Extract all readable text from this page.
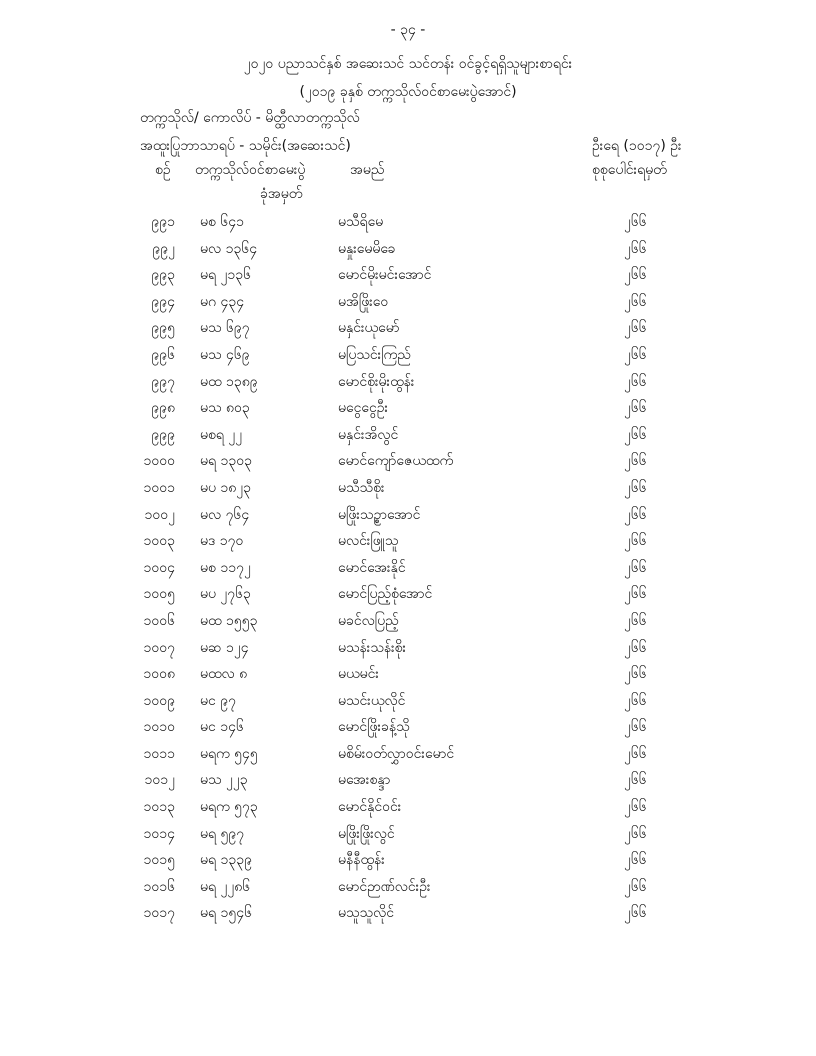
- ၃၄ -
၂၀၂၀ ပညာသင်နှစ် အဆေးသင် သင်တန်း ဝင်ခွင့်ရရှိသူများစာရင်း
(၂၀၁၉ ခုနှစ် တက္ကသိုလ်ဝင်စာမေးပွဲအောင်)
တက္ကသိုလ်/ ကောလိပ် - မိတ္ထီလာတက္ကသိုလ်
အထူးပြုဘာသာရပ် - သမိုင်း(အဆေးသင်)	ဦးရေ (၁၀၁၇) ဦး
စဉ် တက္ကသိုလ်ဝင်စာမေးပွဲ
ခုံအမှတ်
အမည်	စုစုပေါင်းရမှတ်
၉၉၁ မစ ၆၄၁	မသီရိမေ	၂၆၆
၉၉၂ မလ ၁၃၆၄	မနှုးမေမိခေ	၂၆၆
၉၉၃ မရ ၂၁၃၆	မောင်မိုးမင်းအောင်	၂၆၆
၉၉၄ မဂ ၄၃၄	မအိဖြိုးဝေ	၂၆၆
၉၉၅ မသ ၆၉၇	မနှင်းယုမော်	၂၆၆
၉၉၆ မသ ၄၆၉	မပြသင်းကြည်	၂၆၆
၉၉၇ မထ ၁၃၈၉	မောင်စိုးမိုးထွန်း	၂၆၆
၉၉၈ မသ ၈၀၃	မငွေငွေဦး	၂၆၆
၉၉၉ မစရ ၂၂	မနှင်းအိလွင်	၂၆၆
၁၀၀၀ မရ ၁၃၀၃	မောင်ကျော်ဇေယထက်	၂၆၆
၁၀၀၁ မပ ၁၈၂၃	မသီသီစိုး	၂၆၆
၁၀၀၂ မလ ၇၆၄	မဖြိုးသဉ္စာအောင်	၂၆၆
၁၀၀၃ မဒ ၁၇၀	မလင်းဖြူသူ	၂၆၆
၁၀၀၄ မစ ၁၁၇၂	မောင်အေးနိုင်	၂၆၆
၁၀၀၅ မပ ၂၇၆၃	မောင်ပြည့်စုံအောင်	၂၆၆
၁၀၀၆ မထ ၁၅၅၃	မခင်လပြည့်	၂၆၆
၁၀၀၇ မဆ ၁၂၄	မသန်းသန်းစိုး	၂၆၆
၁၀၀၈ မထလ ၈	မယမင်း	၂၆၆
၁၀၀၉ မင ၉၇	မသင်းယုလိုင်	၂၆၆
၁၀၁၀ မင ၁၄၆	မောင်ဖြိုးခန့်သို	၂၆၆
၁၀၁၁ မရက ၅၄၅	မစိမ်းဝတ်လွှာဝင်းမောင်	၂၆၆
၁၀၁၂ မသ ၂၂၃	မအေးစန္ဒာ	၂၆၆
၁၀၁၃ မရက ၅၇၃	မောင်နိုင်ဝင်း	၂၆၆
၁၀၁၄ မရ ၅၉၇	မဖြိုးဖြိုးလွင်	၂၆၆
၁၀၁၅ မရ ၁၃၃၉	မနီနီထွန်း	၂၆၆
၁၀၁၆ မရ ၂၂၈၆	မောင်ဉာဏ်လင်းဦး	၂၆၆
၁၀၁၇ မရ ၁၅၄၆	မသူသူလိုင်	၂၆၆
